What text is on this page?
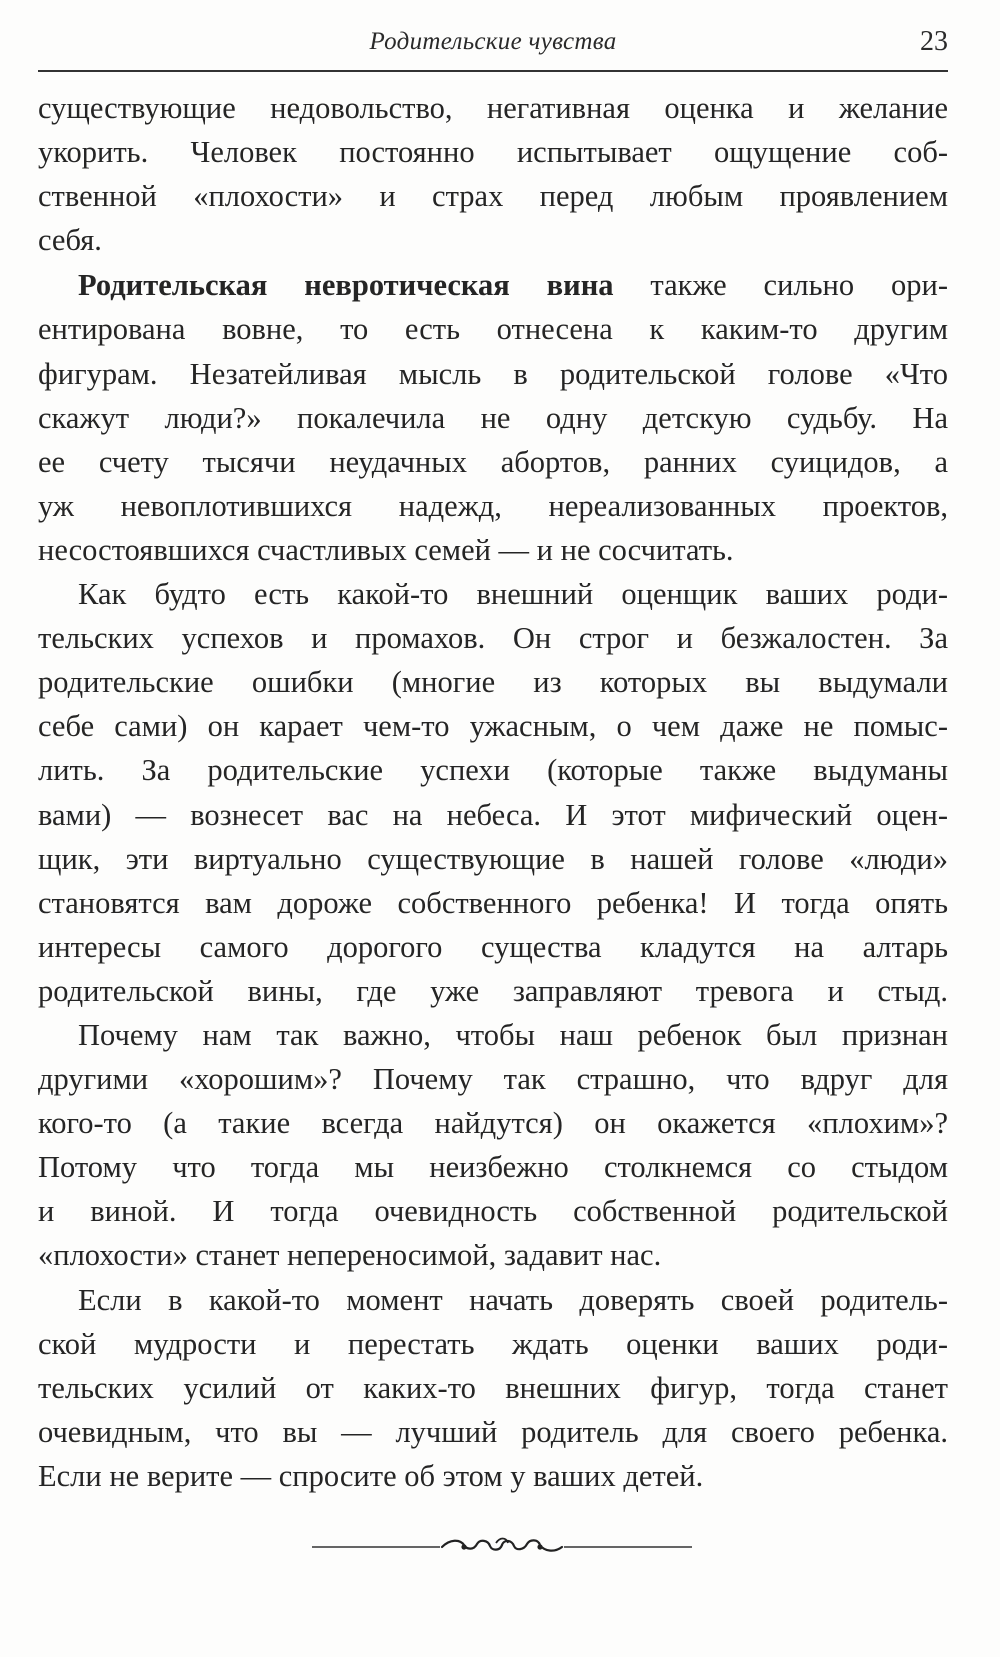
Родительские чувства	23
существующие недовольство, негативная оценка и желание
укорить. Человек постоянно испытывает ощущение соб-
ственной «плохости» и страх перед любым проявлением
себя.
Родительская невротическая вина также сильно ори-
ентирована вовне, то есть отнесена к каким-то другим
фигурам. Незатейливая мысль в родительской голове «Что
скажут люди?» покалечила не одну детскую судьбу. На
ее счету тысячи неудачных абортов, ранних суицидов, а
уж невоплотившихся надежд, нереализованных проектов,
несостоявшихся счастливых семей — и не сосчитать.
Как будто есть какой-то внешний оценщик ваших роди-
тельских успехов и промахов. Он строг и безжалостен. За
родительские ошибки (многие из которых вы выдумали
себе сами) он карает чем-то ужасным, о чем даже не помыс-
лить. За родительские успехи (которые также выдуманы
вами) — вознесет вас на небеса. И этот мифический оцен-
щик, эти виртуально существующие в нашей голове «люди»
становятся вам дороже собственного ребенка! И тогда опять
интересы самого дорогого существа кладутся на алтарь
родительской вины, где уже заправляют тревога и стыд.
Почему нам так важно, чтобы наш ребенок был признан
другими «хорошим»? Почему так страшно, что вдруг для
кого-то (а такие всегда найдутся) он окажется «плохим»?
Потому что тогда мы неизбежно столкнемся со стыдом
и виной. И тогда очевидность собственной родительской
«плохости» станет непереносимой, задавит нас.
Если в какой-то момент начать доверять своей родитель-
ской мудрости и перестать ждать оценки ваших роди-
тельских усилий от каких-то внешних фигур, тогда станет
очевидным, что вы — лучший родитель для своего ребенка.
Если не верите — спросите об этом у ваших детей.
